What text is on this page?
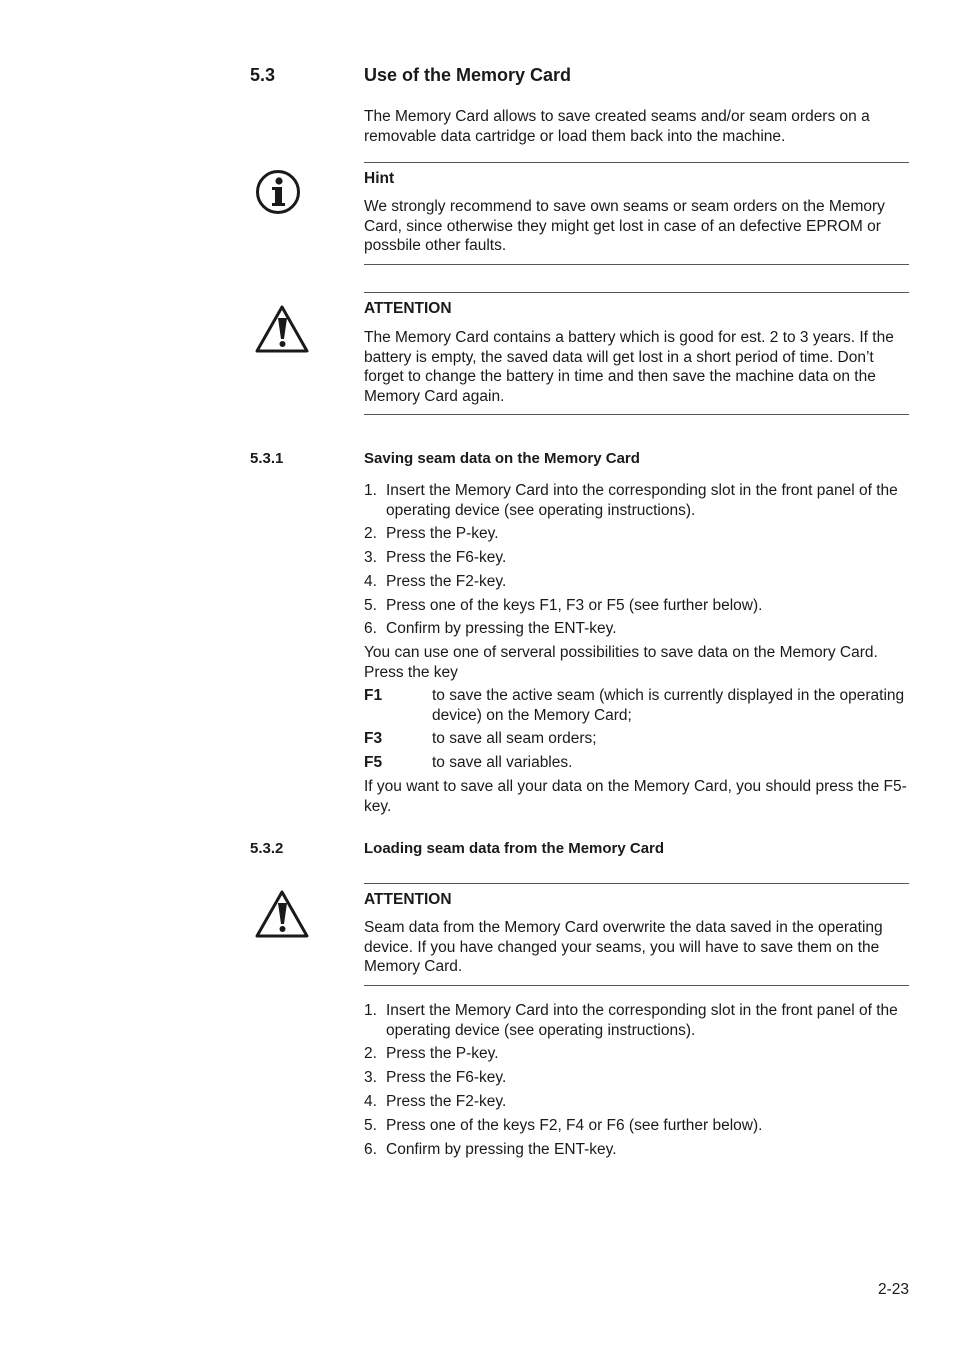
5.3	Use of the Memory Card
The Memory Card allows to save created seams and/or seam orders on a removable data cartridge or load them back into the machine.
Hint
We strongly recommend to save own seams or seam orders on the Memory Card, since otherwise they might get lost in case of an defective EPROM or possbile other faults.
ATTENTION
The Memory Card contains a battery which is good for est. 2 to 3 years. If the battery is empty, the saved data will get lost in a short period of time. Don’t forget to change the battery in time and then save the machine data on the Memory Card again.
5.3.1	Saving seam data on the Memory Card
1. Insert the Memory Card into the corresponding slot in the front panel of the operating device (see operating instructions).
2. Press the P-key.
3. Press the F6-key.
4. Press the F2-key.
5. Press one of the keys F1, F3 or F5 (see further below).
6. Confirm by pressing the ENT-key.
You can use one of serveral possibilities to save data on the Memory Card. Press the key
F1	to save the active seam (which is currently displayed in the operating device) on the Memory Card;
F3	to save all seam orders;
F5	to save all variables.
If you want to save all your data on the Memory Card, you should press the F5-key.
5.3.2	Loading seam data from the Memory Card
ATTENTION
Seam data from the Memory Card overwrite the data saved in the operating device. If you have changed your seams, you will have to save them on the Memory Card.
1. Insert the Memory Card into the corresponding slot in the front panel of the operating device (see operating instructions).
2. Press the P-key.
3. Press the F6-key.
4. Press the F2-key.
5. Press one of the keys F2, F4 or F6 (see further below).
6. Confirm by pressing the ENT-key.
2-23
